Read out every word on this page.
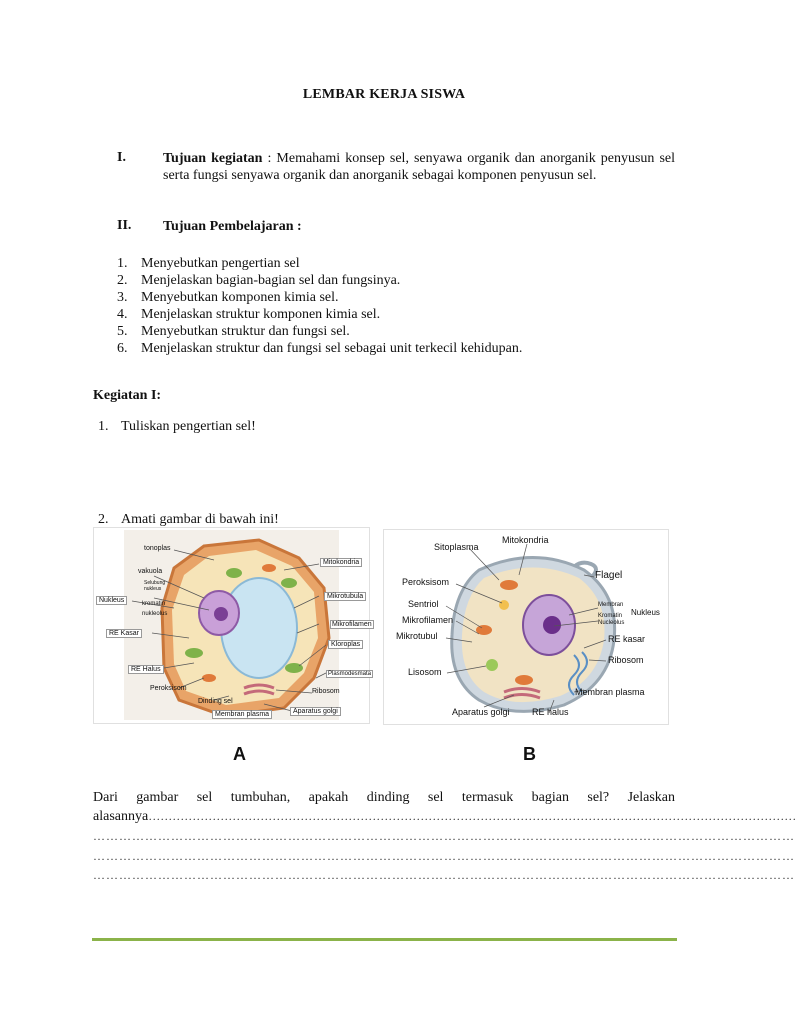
LEMBAR KERJA SISWA
I.	Tujuan kegiatan : Memahami konsep sel, senyawa organik dan anorganik penyusun sel serta fungsi senyawa organik dan anorganik sebagai komponen penyusun sel.
II. Tujuan Pembelajaran :
1. Menyebutkan pengertian sel
2. Menjelaskan bagian-bagian sel dan fungsinya.
3. Menyebutkan komponen kimia sel.
4. Menjelaskan struktur komponen kimia sel.
5. Menyebutkan struktur dan fungsi sel.
6. Menjelaskan struktur dan fungsi sel sebagai unit terkecil kehidupan.
Kegiatan I:
1. Tuliskan pengertian sel!
2. Amati gambar di bawah ini!
tonoplas
vakuola
Selubung nukleus
kromatin
nukleolus
Nukleus
RE Kasar
RE Halus
Peroksisom
Dinding sel
Membran plasma	Aparatus golgi
Ribosom
Plasmodesmata
Kloroplas
Mikrofilamen
Mikrotubula
Mitokondria
Sitoplasma
Mitokondria
Flagel
Peroksisom
Sentriol
Mikrofilamen
Mikrotubul
Lisosom
Aparatus golgi RE halus
Membran plasma
Ribosom
RE kasar
Membran
Kromatin
Nucleolus
Nukleus
A	B
Dari gambar sel tumbuhan, apakah dinding sel termasuk bagian sel? Jelaskan alasannya………………………………………………………………………………………………………………………………………………
………………………………………………………………………………………………………………………………………………
………………………………………………………………………………………………………………………………………………
………………………………………………………………………………………………………………………………………………
